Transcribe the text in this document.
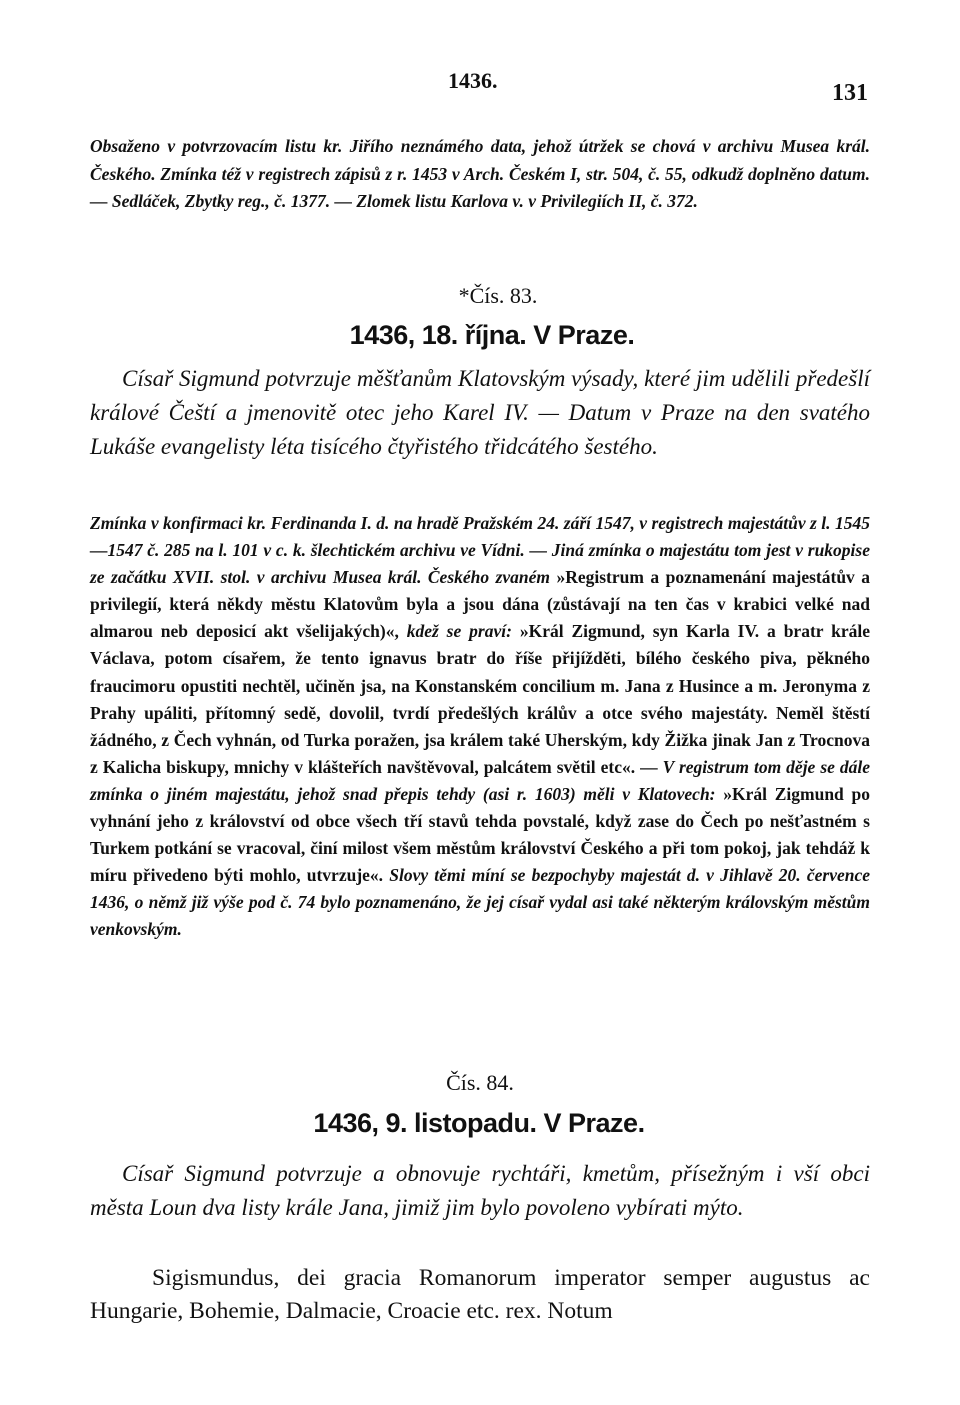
1436.	131
Obsaženo v potvrzovacím listu kr. Jiřího neznámého data, jehož útržek se chová v archivu Musea král. Českého. Zmínka též v registrech zápisů z r. 1453 v Arch. Českém I, str. 504, č. 55, odkudž doplněno datum. — Sedláček, Zbytky reg., č. 1377. — Zlomek listu Karlova v. v Privilegiích II, č. 372.
*Čís. 83.
1436, 18. října. V Praze.
Císař Sigmund potvrzuje měšťanům Klatovským výsady, které jim udělili předešlí králové Čeští a jmenovitě otec jeho Karel IV. — Datum v Praze na den svatého Lukáše evangelisty léta tisícého čtyřistého třidcátého šestého.
Zmínka v konfirmaci kr. Ferdinanda I. d. na hradě Pražském 24. září 1547, v registrech majestátův z l. 1545—1547 č. 285 na l. 101 v c. k. šlechtickém archivu ve Vídni. — Jiná zmínka o majestátu tom jest v rukopise ze začátku XVII. stol. v archivu Musea král. Českého zvaném »Registrum a poznamenání majestátův a privilegií, která někdy městu Klatovům byla a jsou dána (zůstávají na ten čas v krabici velké nad almarou neb deposicí akt všelijakých)«, kdež se praví: »Král Zigmund, syn Karla IV. a bratr krále Václava, potom císařem, že tento ignavus bratr do říše přijížděti, bílého českého piva, pěkného fraucimoru opustiti nechtěl, učiněn jsa, na Konstanském concilium m. Jana z Husince a m. Jeronyma z Prahy upáliti, přítomný sedě, dovolil, tvrdí předešlých králův a otce svého majestáty. Neměl štěstí žádného, z Čech vyhnán, od Turka poražen, jsa králem také Uherským, kdy Žižka jinak Jan z Trocnova z Kalicha biskupy, mnichy v klášteřích navštěvoval, palcátem světil etc«. — V registrum tom děje se dále zmínka o jiném majestátu, jehož snad přepis tehdy (asi r. 1603) měli v Klatovech: »Král Zigmund po vyhnání jeho z království od obce všech tří stavů tehda povstalé, když zase do Čech po nešťastném s Turkem potkání se vracoval, činí milost všem městům království Českého a při tom pokoj, jak tehdáž k míru přivedeno býti mohlo, utvrzuje«. Slovy těmi míní se bezpochyby majestát d. v Jihlavě 20. července 1436, o němž již výše pod č. 74 bylo poznamenáno, že jej císař vydal asi také některým královským městům venkovským.
Čís. 84.
1436, 9. listopadu. V Praze.
Císař Sigmund potvrzuje a obnovuje rychtáři, kmetům, přísežným i vší obci města Loun dva listy krále Jana, jimiž jim bylo povoleno vybírati mýto.
Sigismundus, dei gracia Romanorum imperator semper augustus ac Hungarie, Bohemie, Dalmacie, Croacie etc. rex. Notum
